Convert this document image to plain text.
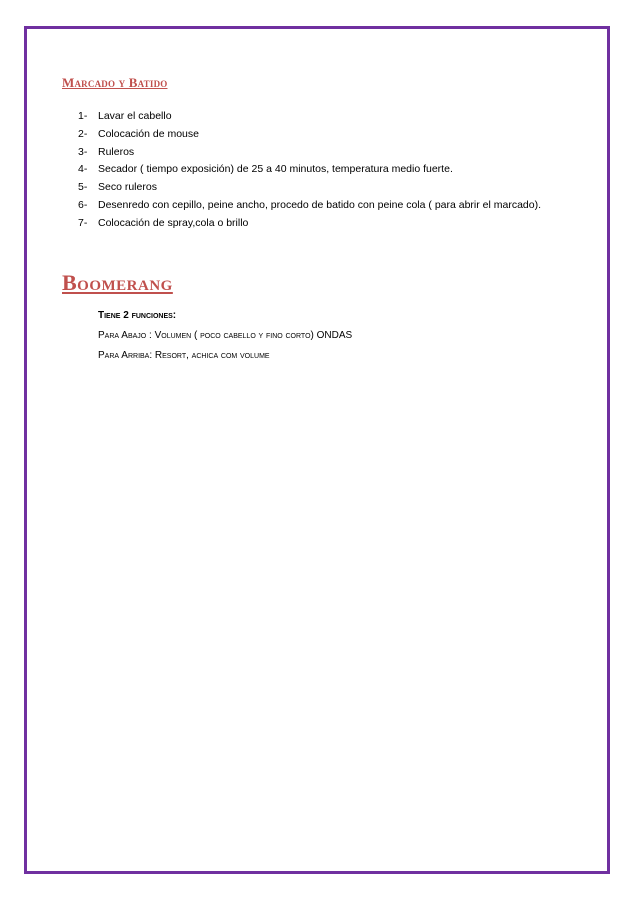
Marcado y Batido
1-	Lavar el cabello
2-	Colocación de mouse
3-	Ruleros
4-	Secador ( tiempo exposición) de 25 a 40 minutos, temperatura medio fuerte.
5-	Seco ruleros
6-	Desenredo con cepillo, peine ancho, procedo de batido con peine cola ( para abrir el marcado).
7-	Colocación de spray,cola o brillo
Boomerang

Tiene 2 funciones:

Para Abajo : Volumen ( poco cabello y fino corto) ONDAS

Para Arriba: Resort, achica com volume
